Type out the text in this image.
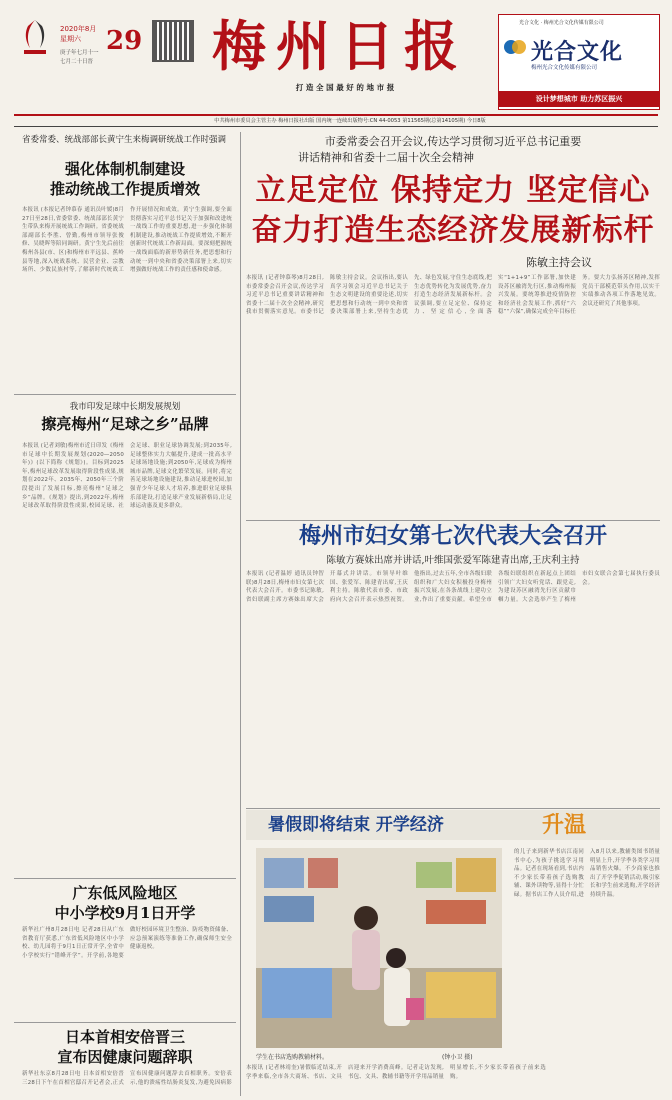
2020年8月
星期六 29
庚子年七月十一
七月二十日晋 梅州日报
打 造 全 国 最 好 的 地 市 报
光合文化 · 梅州光合文化传媒有限公司
光合文化
梅州光合文化传媒有限公司
设计梦想城市 助力苏区振兴
中共梅州市委员会主管主办 梅州日报社出版 国内统一连续出版物号:CN 44-0053 第11565期(总第14105期) 今日8版
省委常委、统战部部长黄宁生来梅调研统战工作时强调
强化体制机制建设
推动统战工作提质增效
本报讯 (本报记者钟慕春 通讯员叶媛)8月27日至28日,省委常委、统战部部长黄宁生带队来梅开展统战工作调研。省委统战部副部长李胜、曾勤,梅州市领导张俊修、吴晓晖等陪同调研。黄宁生先后前往梅州各县(市、区)和梅州市平远县、蕉岭县等地,深入统战系统、民营企业、宗教场所、少数民族村等,了解新时代统战工作开展情况和成效。黄宁生强调,要全面贯彻落实习近平总书记关于加强和改进统一战线工作的重要思想,进一步强化体制机制建设,推动统战工作提质增效,不断开创新时代统战工作新局面。要深刻把握统一战线面临的新形势新任务,把思想和行动统一到中央和省委决策部署上来,切实增强做好统战工作的责任感和使命感。
我市印发足球中长期发展规划
擦亮梅州“足球之乡”品牌
本报讯 (记者刘敏)梅州市近日印发《梅州市足球中长期发展规划(2020—2050年)》(以下简称《规划》)。目标到2025年,梅州足球改革发展取得阶段性成果,规划在2022年、2035年、2050年三个阶段提出了发展目标,擦亮梅州“足球之乡”品牌。《规划》提出,到2022年,梅州足球改革取得阶段性成果,校园足球、社会足球、职业足球协调发展;到2035年,足球整体实力大幅提升,建成一批高水平足球场地设施;到2050年,足球成为梅州城市品牌,足球文化繁荣发展。同时,将完善足球场地设施建设,推动足球进校园,加强青少年足球人才培养,推进职业足球俱乐部建设,打造足球产业发展新格局,让足球运动惠及更多群众。
广东低风险地区
中小学校9月1日开学
新华社广州8月28日电 记者28日从广东省教育厅获悉,广东省低风险地区中小学校、幼儿园将于9月1日正常开学,全省中小学校实行“错峰开学”。开学前,各地要做好校园环境卫生整治、防疫物资储备、应急预案演练等准备工作,确保师生安全健康返校。
日本首相安倍晋三
宣布因健康问题辞职
新华社东京8月28日电 日本首相安倍晋三28日下午在首相官邸召开记者会,正式宣布因健康问题辞去首相职务。安倍表示,他的溃疡性结肠炎复发,为避免因病影
市委常委会召开会议,传达学习贯彻习近平总书记重要
讲话精神和省委十二届十次全会精神
立足定位 保持定力 坚定信心
奋力打造生态经济发展新标杆
陈敏主持会议
本报讯 (记者钟慕琴)8月28日,市委常委会召开会议,传达学习习近平总书记重要讲话精神和省委十二届十次全会精神,研究我市贯彻落实意见。市委书记陈敏主持会议。会议指出,要认真学习领会习近平总书记关于生态文明建设的重要论述,切实把思想和行动统一到中央和省委决策部署上来,坚持生态优先、绿色发展,守住生态底线,把生态优势转化为发展优势,奋力打造生态经济发展新标杆。会议强调,要立足定位、保持定力、坚定信心,全面落实“1+1+9”工作部署,加快建设苏区融湾先行区,推动梅州振兴发展。要统筹推进疫情防控和经济社会发展工作,抓好“六稳”“六保”,确保完成全年目标任务。要大力弘扬苏区精神,发挥党员干部模范带头作用,以实干实绩推动各项工作落地见效。会议还研究了其他事项。
梅州市妇女第七次代表大会召开
陈敏方赛妹出席并讲话,叶维国张爱军陈建青出席,王庆利主持
本报讯 (记者温婷 通讯员钟智联)8月28日,梅州市妇女第七次代表大会召开。市委书记陈敏,省妇联副主席方赛妹出席大会开幕式并讲话。市领导叶维国、张爱军、陈建青出席,王庆利主持。陈敏代表市委、市政府向大会召开表示热烈祝贺。他指出,过去五年,全市各级妇联组织和广大妇女积极投身梅州振兴发展,在各条战线上建功立业,作出了重要贡献。希望全市各级妇联组织在新起点上团结引领广大妇女听党话、跟党走,为建设苏区融湾先行区贡献巾帼力量。大会选举产生了梅州市妇女联合会第七届执行委员会。
暑假即将结束 开学经济	升温
学生在书店选购教辅材料。	(钟小卫 摄)
本报讯 (记者林靖奎)暑假临近结束,开学季来临,全市各大商场、书店、文具店迎来开学消费高峰。记者走访发现,书包、文具、教辅书籍等开学用品销量明显增长,不少家长带着孩子前来选购。
的儿子来到新华书店江南同书中心,为孩子挑选学习用品。记者在现场看到,书店内不少家长带着孩子选购教辅、课外读物等,显得十分忙碌。据书店工作人员介绍,进入8月以来,教辅类图书销量明显上升,开学季各类学习用品销售火爆。不少商家也推出了开学季促销活动,吸引家长和学生前来选购,开学经济持续升温。
